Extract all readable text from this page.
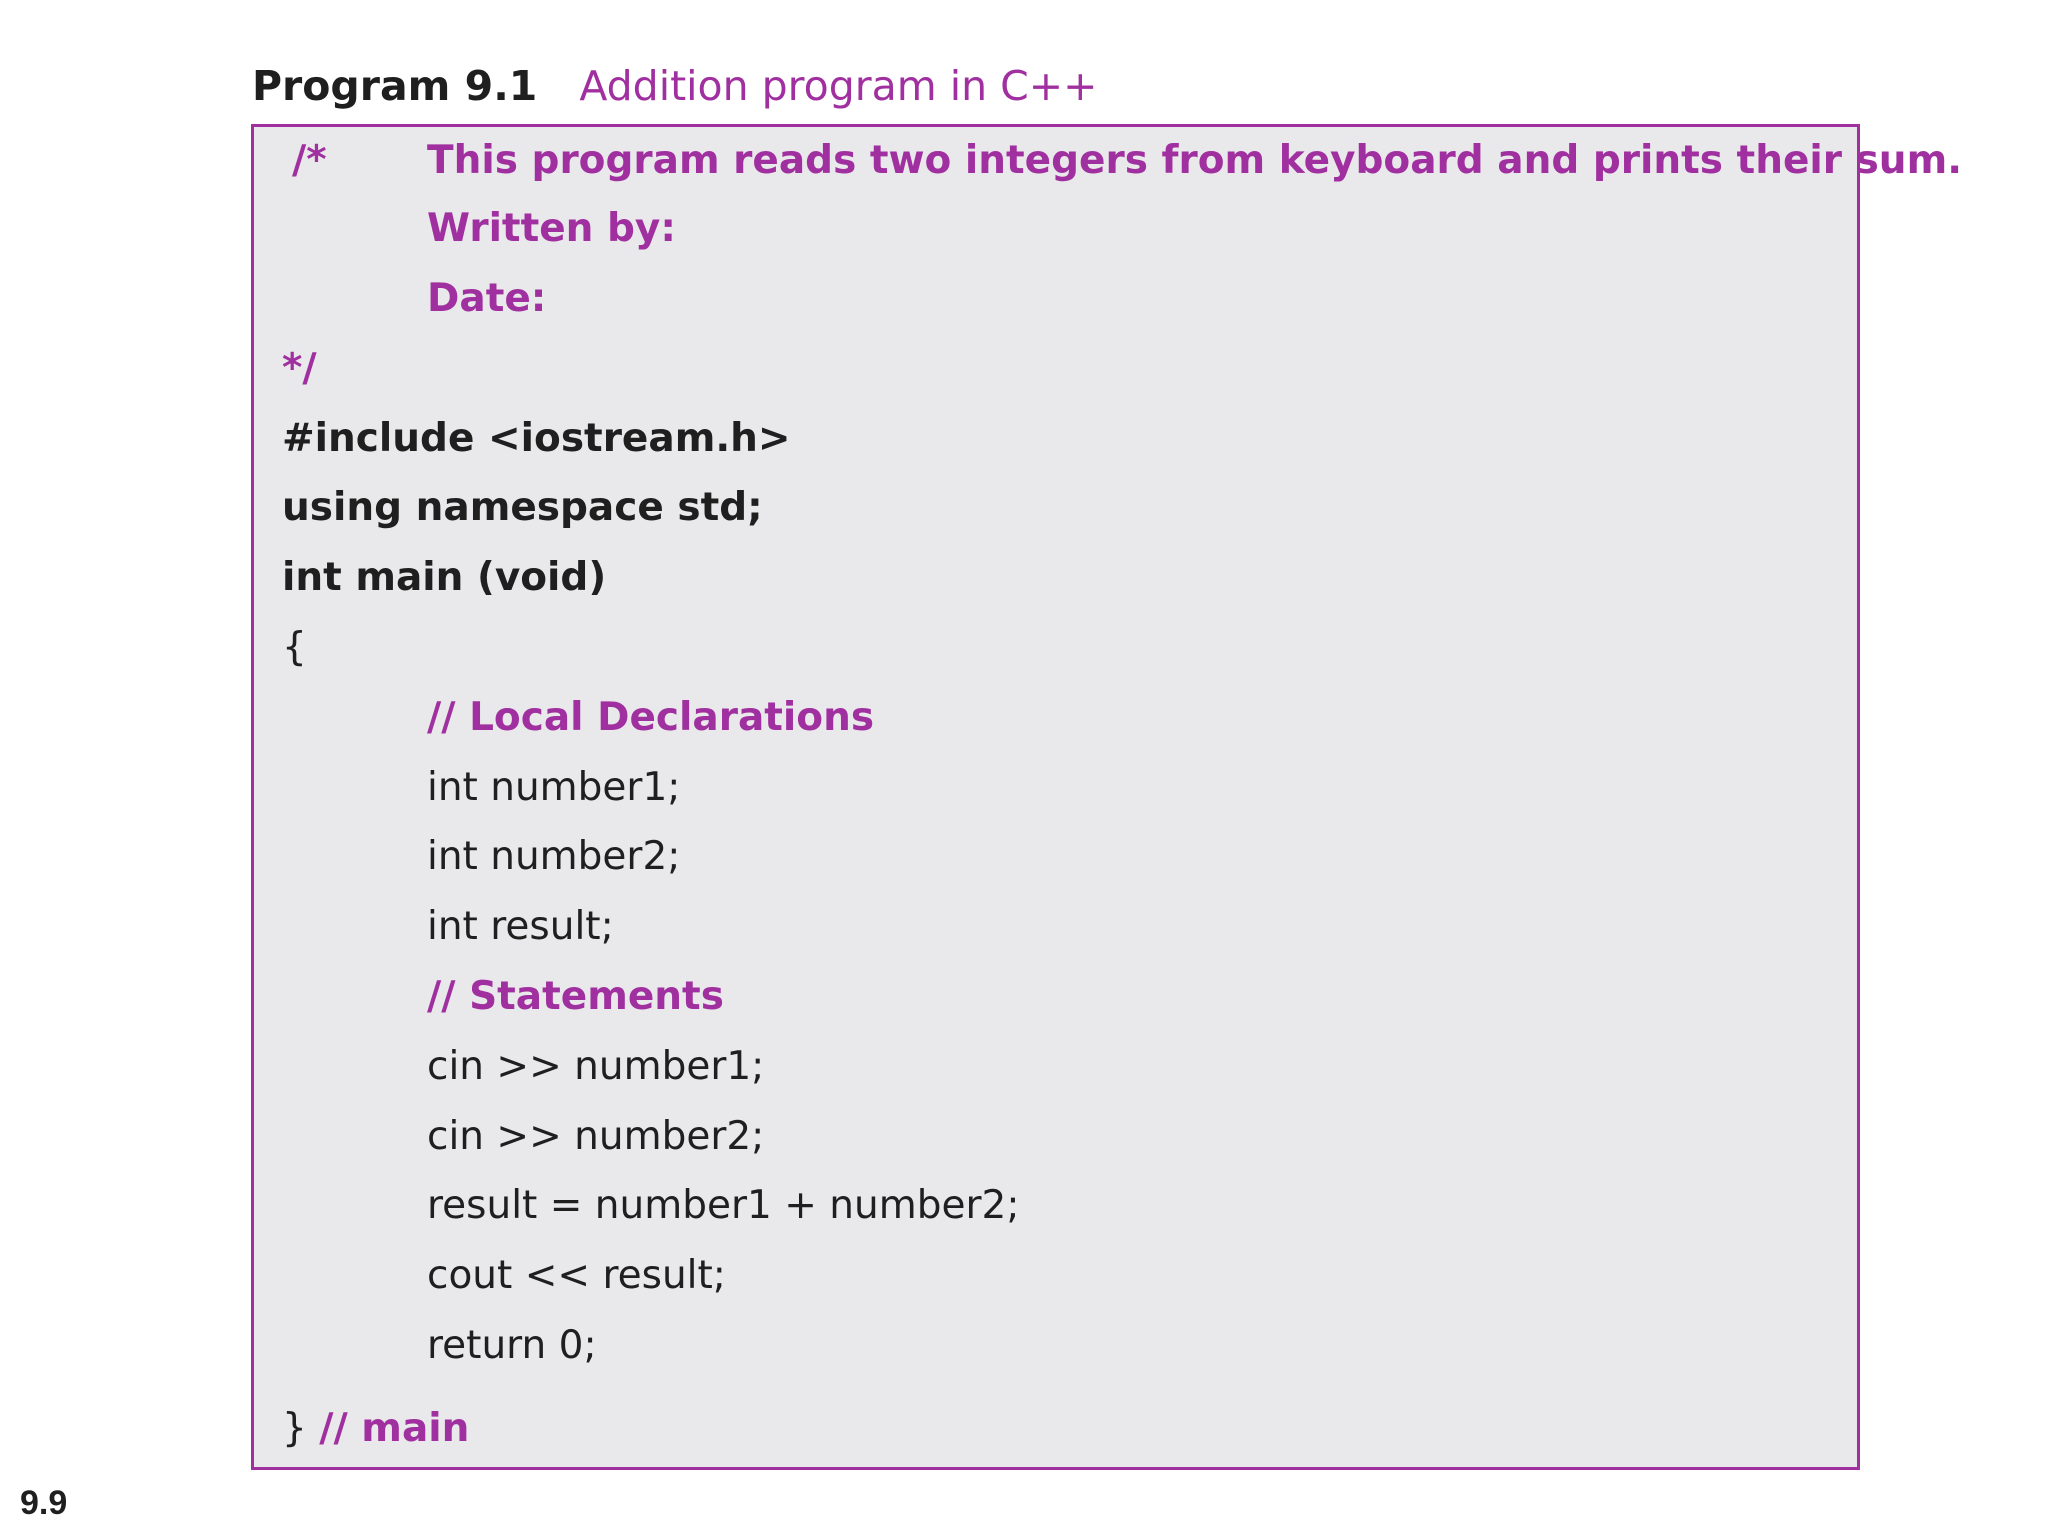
Program 9.1 Addition program in C++
/*	This program reads two integers from keyboard and prints their sum.
Written by:
Date:
*/
#include <iostream.h>
using namespace std;
int main (void)
{
// Local Declarations
int number1;
int number2;
int result;
// Statements
cin >> number1;
cin >> number2;
result = number1 + number2;
cout << result;
return 0;
} // main
9.9
